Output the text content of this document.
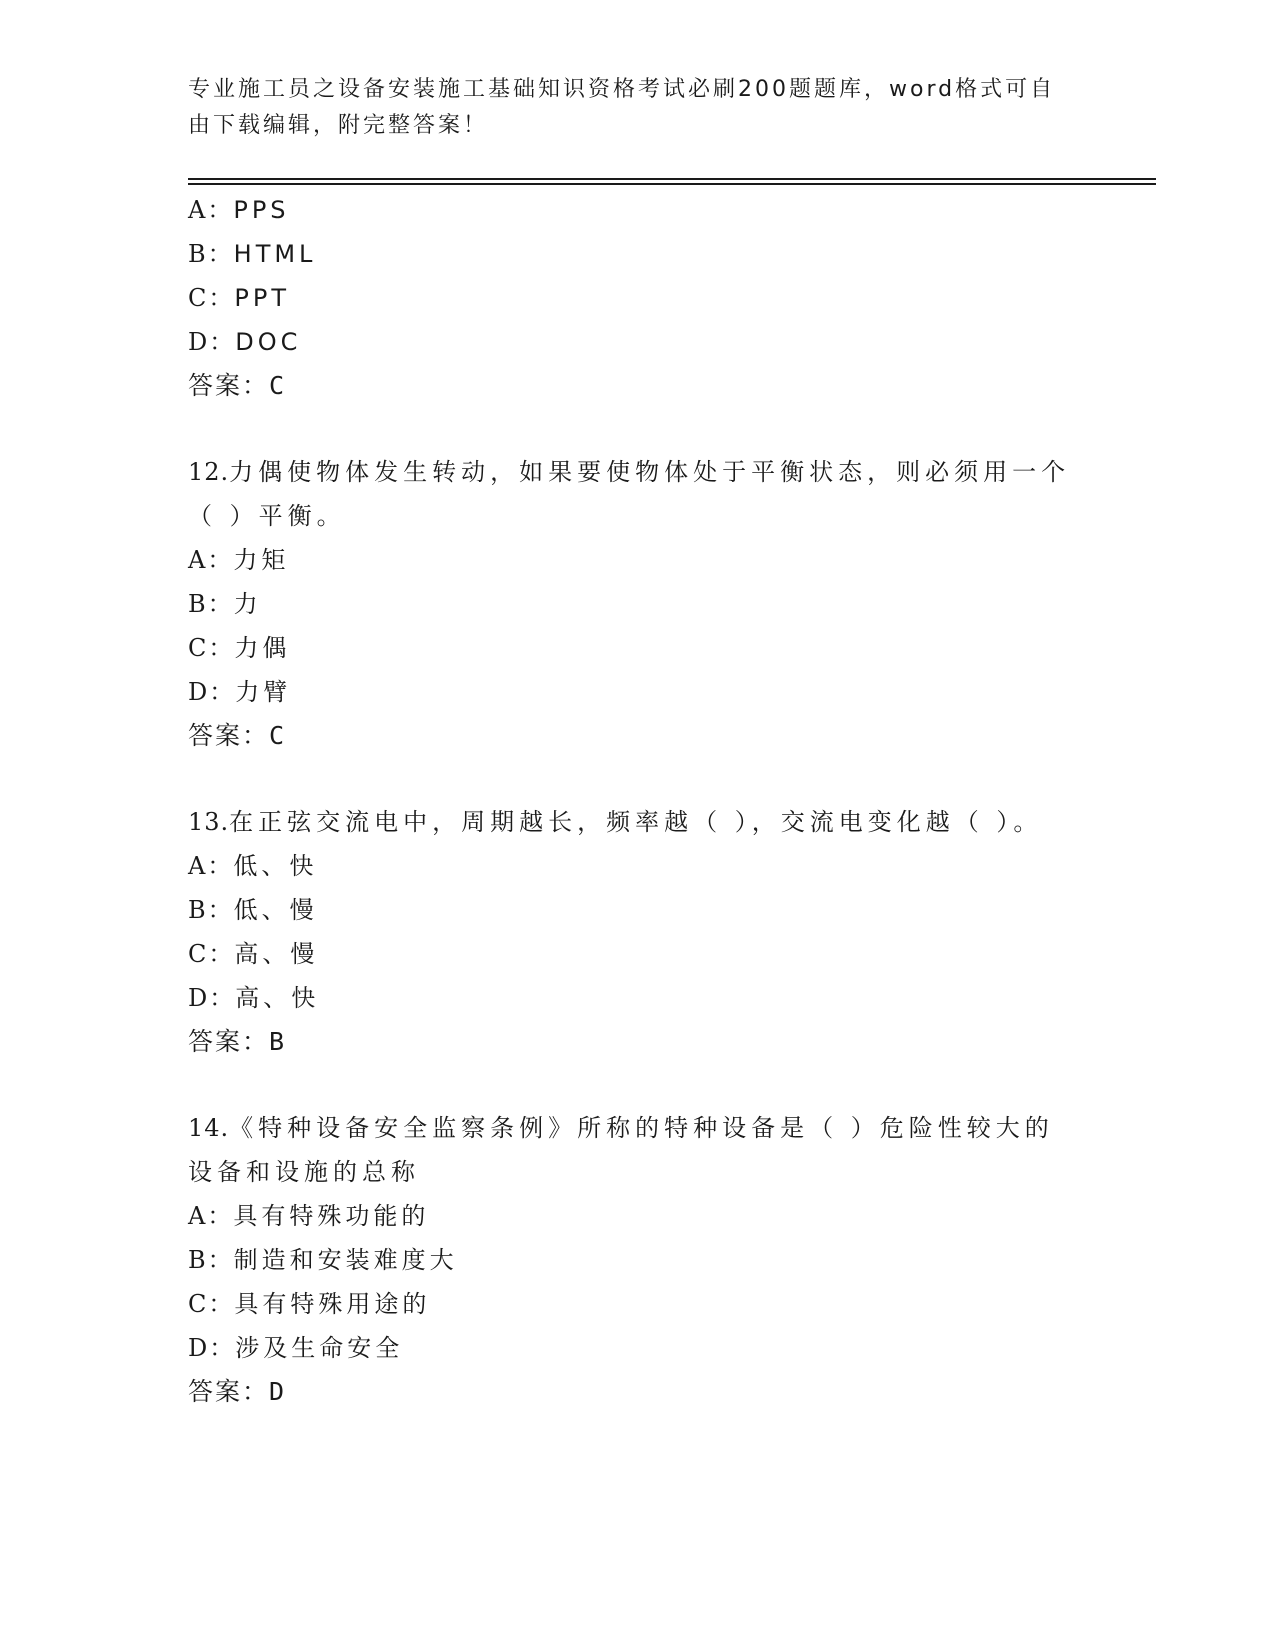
专业施工员之设备安装施工基础知识资格考试必刷200题题库，word格式可自由下载编辑，附完整答案！
A：PPS
B：HTML
C：PPT
D：DOC
答案：C
12.力偶使物体发生转动，如果要使物体处于平衡状态，则必须用一个
（ ）平衡。
A：力矩
B：力
C：力偶
D：力臂
答案：C
13.在正弦交流电中，周期越长，频率越（ ），交流电变化越（ ）。
A：低、快
B：低、慢
C：高、慢
D：高、快
答案：B
14.《特种设备安全监察条例》所称的特种设备是（ ）危险性较大的
设备和设施的总称
A：具有特殊功能的
B：制造和安装难度大
C：具有特殊用途的
D：涉及生命安全
答案：D
